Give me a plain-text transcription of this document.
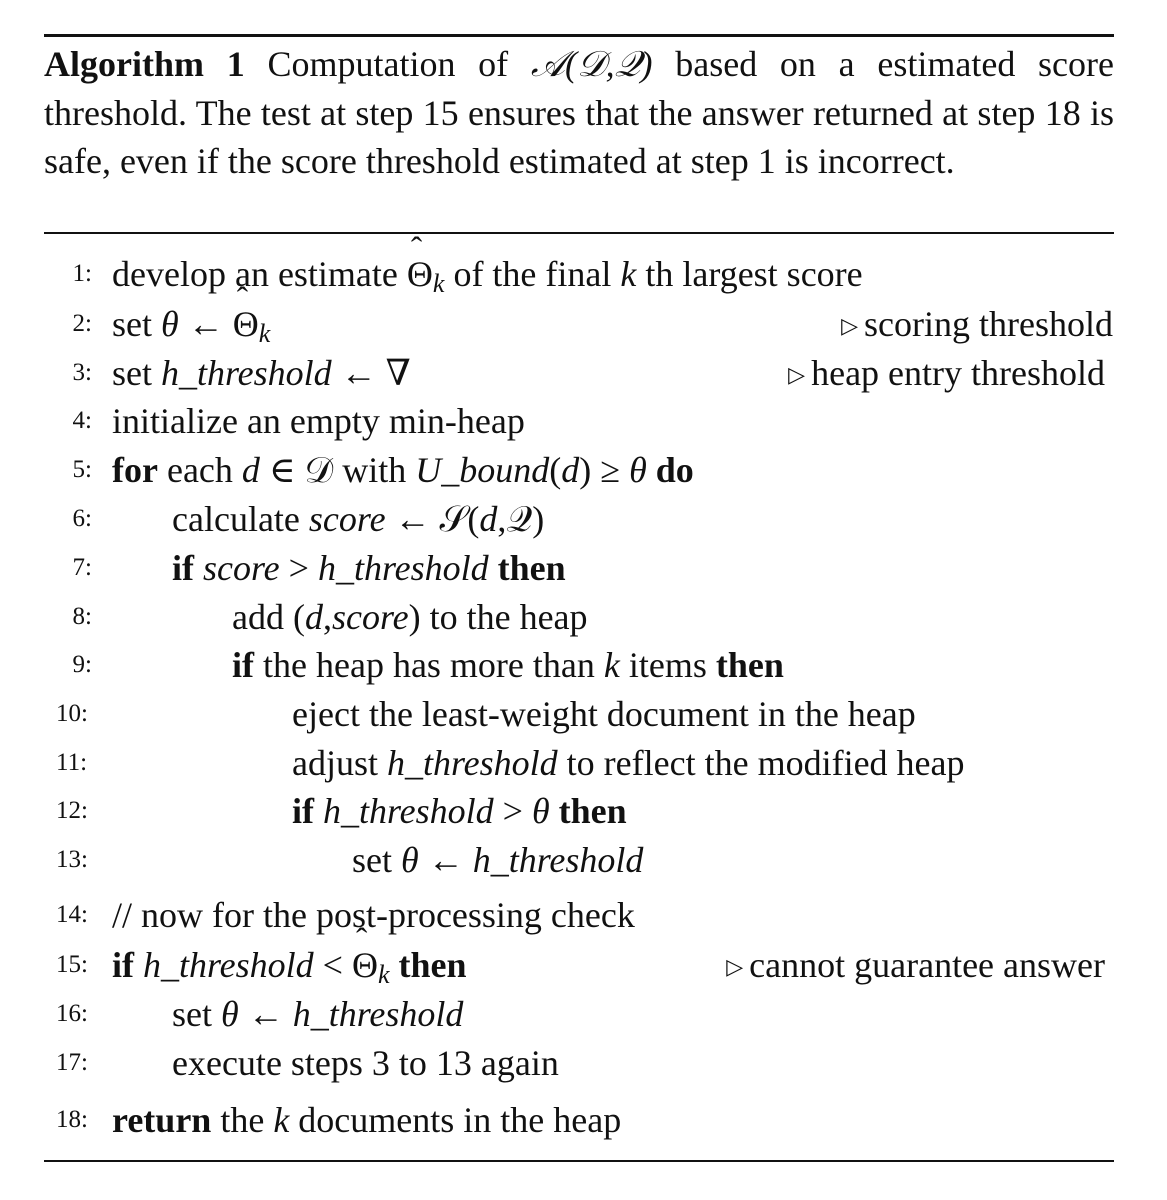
Algorithm 1 Computation of 𝒜(𝒟,𝒬) based on a estimated score threshold. The test at step 15 ensures that the answer returned at step 18 is safe, even if the score threshold estimated at step 1 is incorrect.
1: develop an estimate ˆ $\Theta_k$ of the final k th largest score
2: set θ ← ˆ $\Theta_k$	▷ scoring threshold
3: set h_threshold ← ∇	▷ heap entry threshold
4: initialize an empty min-heap
5: for each d ∈ 𝒟 with U_bound(d) ≥ θ do
6: calculate score ← 𝒮(d,𝒬)
7: if score > h_threshold then
8:	add (d,score) to the heap
9:	if the heap has more than k items then
10:	eject the least-weight document in the heap
11:	adjust h_threshold to reflect the modified heap
12:	if h_threshold > θ then
13:	set θ ← h_threshold
14: // now for the post-processing check
15: if h_threshold < ˆ $\Theta_k$ then	▷ cannot guarantee answer
16: set θ ← h_threshold
17: execute steps 3 to 13 again
18: return the k documents in the heap
